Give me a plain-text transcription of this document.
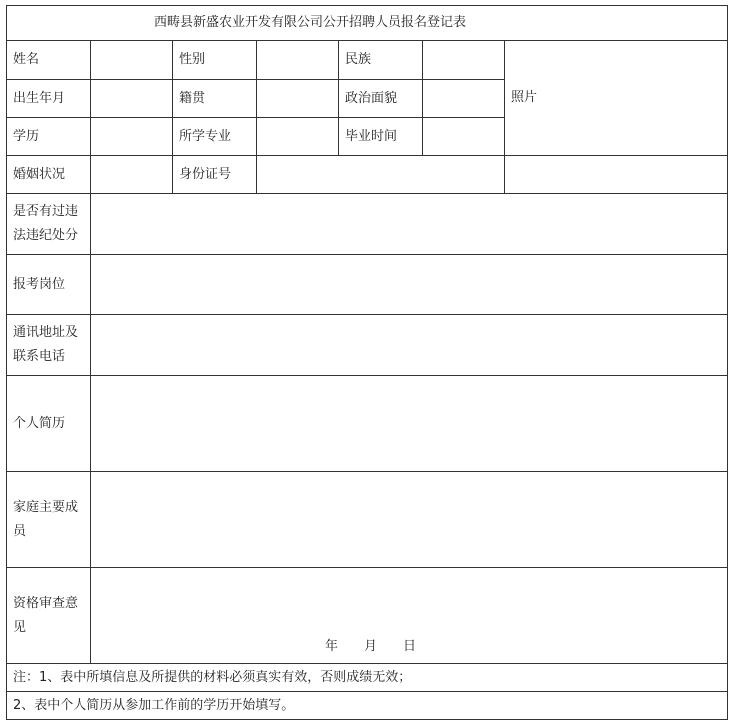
西畴县新盛农业开发有限公司公开招聘人员报名登记表						
姓名		性别		民族		照片
出生年月		籍贯		政治面貌		
学历		所学专业		毕业时间		
婚姻状况		身份证号				

是否有过违法违纪处分						

报考岗位						

通讯地址及联系电话						

个人简历						

家庭主要成员						

资格审查意见	年 月 日					

注：1、表中所填信息及所提供的材料必须真实有效，否则成绩无效；						
2、表中个人简历从参加工作前的学历开始填写。						
